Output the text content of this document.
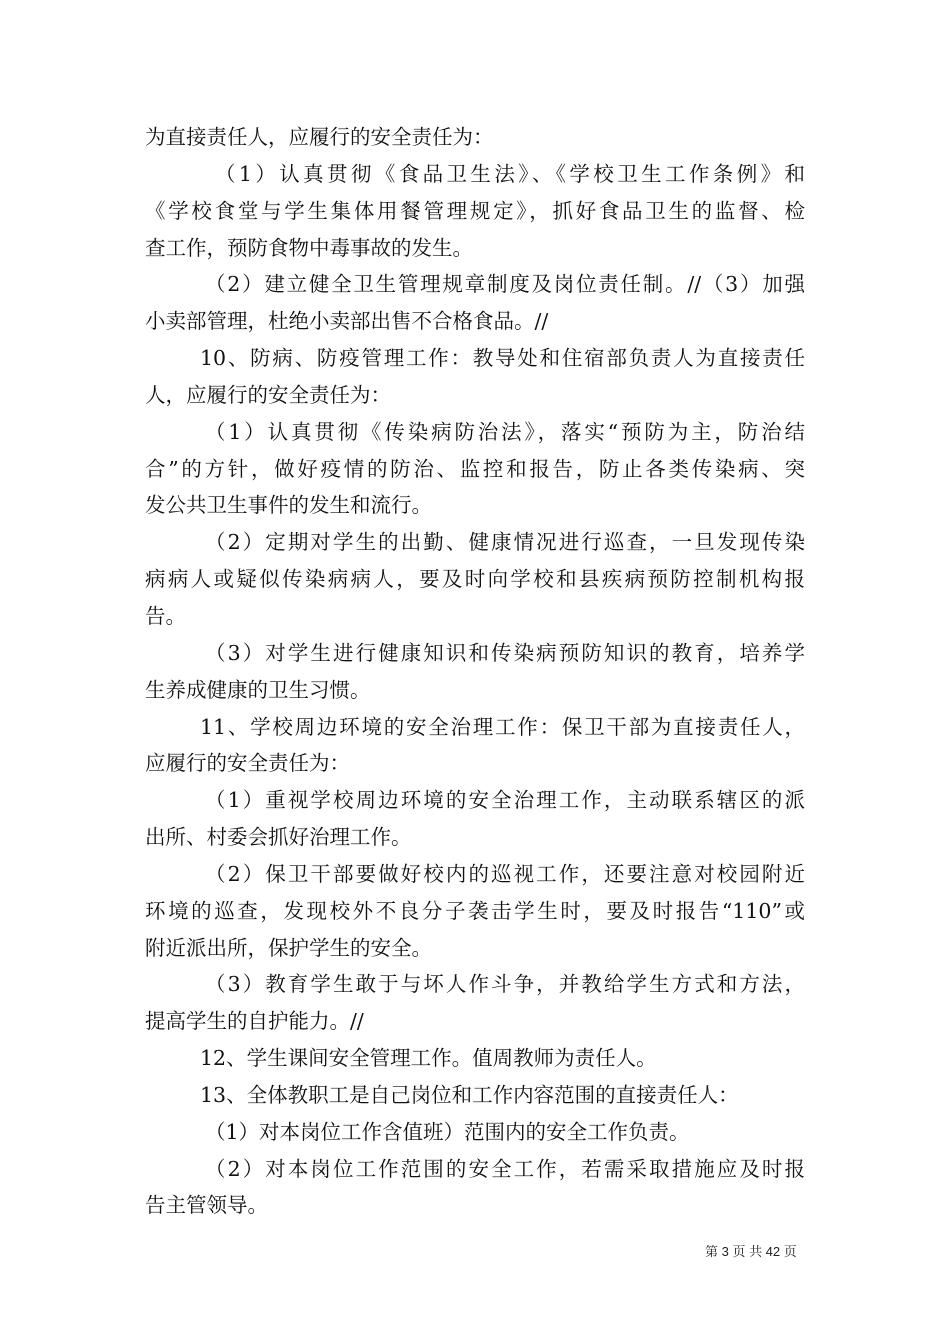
为直接责任人，应履行的安全责任为：
（1）认真贯彻《食品卫生法》、《学校卫生工作条例》和
《学校食堂与学生集体用餐管理规定》，抓好食品卫生的监督、检
查工作，预防食物中毒事故的发生。
（2）建立健全卫生管理规章制度及岗位责任制。//（3）加强
小卖部管理，杜绝小卖部出售不合格食品。//
10、防病、防疫管理工作：教导处和住宿部负责人为直接责任
人，应履行的安全责任为：
（1）认真贯彻《传染病防治法》，落实“预防为主，防治结
合”的方针，做好疫情的防治、监控和报告，防止各类传染病、突
发公共卫生事件的发生和流行。
（2）定期对学生的出勤、健康情况进行巡查，一旦发现传染
病病人或疑似传染病病人，要及时向学校和县疾病预防控制机构报
告。
（3）对学生进行健康知识和传染病预防知识的教育，培养学
生养成健康的卫生习惯。
11、学校周边环境的安全治理工作：保卫干部为直接责任人，
应履行的安全责任为：
（1）重视学校周边环境的安全治理工作，主动联系辖区的派
出所、村委会抓好治理工作。
（2）保卫干部要做好校内的巡视工作，还要注意对校园附近
环境的巡查，发现校外不良分子袭击学生时，要及时报告“110”或
附近派出所，保护学生的安全。
（3）教育学生敢于与坏人作斗争，并教给学生方式和方法，
提高学生的自护能力。//
12、学生课间安全管理工作。值周教师为责任人。
13、全体教职工是自己岗位和工作内容范围的直接责任人：
（1）对本岗位工作含值班）范围内的安全工作负责。
（2）对本岗位工作范围的安全工作，若需采取措施应及时报
告主管领导。
第 3 页 共 42 页
